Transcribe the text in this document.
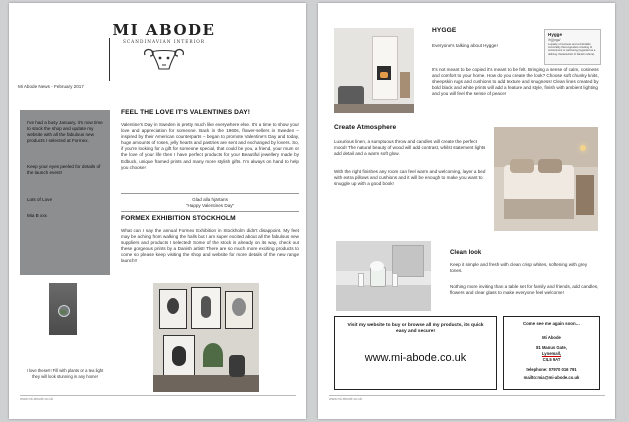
MI ABODE
SCANDINAVIAN INTERIOR
Mi Abode News - February 2017
I've had a busy January, it's now time to stock the shop and update my website with all the fabulous new products I selected at Formex.
Keep your eyes peeled for details of the launch event!
Lots of Love
Mia B xxx
FEEL THE LOVE IT'S VALENTINES DAY!
Valentine's Day in Sweden is pretty much like everywhere else. It's a time to show your love and appreciation for someone. Back in the 1960s, flower-sellers in Sweden – inspired by their American counterparts – began to promote Valentine's Day and today, huge amounts of roses, jelly hearts and pastries are sent and exchanged by lovers. So, if you're looking for a gift for someone special, that could be you, a friend, your mum or the love of your life then I have perfect products for you! Beautiful jewellery made by Edbuck, unique framed prints and many more stylish gifts. I'm always on hand to help you choose!
Glad alla hjärtans
"Happy Valentines Day"
FORMEX EXHIBITION STOCKHOLM
What can I say the annual Formex Exhibition in Stockholm didn't disappoint. My feet may be aching from walking the halls but I am super excited about all the fabulous new suppliers and products I selected! Some of the stock is already on its way, check out these gorgeous prints by a Danish artist! There are so much more exciting products to come so please keep visiting the shop and website for more details of the new range launch!!
I love these!!! Fill with plants or a tea light they will look stunning in any home!
www.mi-abode.co.uk
HYGGE
Everyone's talking about Hygge!
Hygge
/h(j)ʊɡə/
a quality of cosiness and comfortable conviviality that engenders a feeling of contentment or well-being (regarded as a defining characteristic of Danish culture).
It's not meant to be copied it's meant to be felt. Bringing a sense of calm, cosiness and comfort to your home. How do you create the look? Choose soft chunky knits, sheepskin rugs and cushions to add texture and snugness! Clean lines created by bold black and white prints will add a feature and style, finish with ambient lighting and you will feel the sense of peace!
Create Atmosphere
Luxurious linen, a sumptuous throw and candles will create the perfect mood! The natural beauty of wood will add contrast, whilst statement lights add detail and a warm soft glow.
With the right finishes any room can feel warm and welcoming, layer a bed with extra pillows and cushions and it will be enough to make you want to snuggle up with a good book!
Clean look
Keep it simple and fresh with clean crisp whites, softening with grey tones.
Nothing more inviting than a table set for family and friends, add candles, flowers and clear glass to make everyone feel welcome!
Visit my website to buy or browse all my products, its quick easy and secure!
www.mi-abode.co.uk
Come see me again soon…
Mi Abode
81 Manus Gate,
Lynemall,
CIL5 9AT
telephone: 07970 016 791
mailto:mia@mi-abode.co.uk
www.mi-abode.co.uk
